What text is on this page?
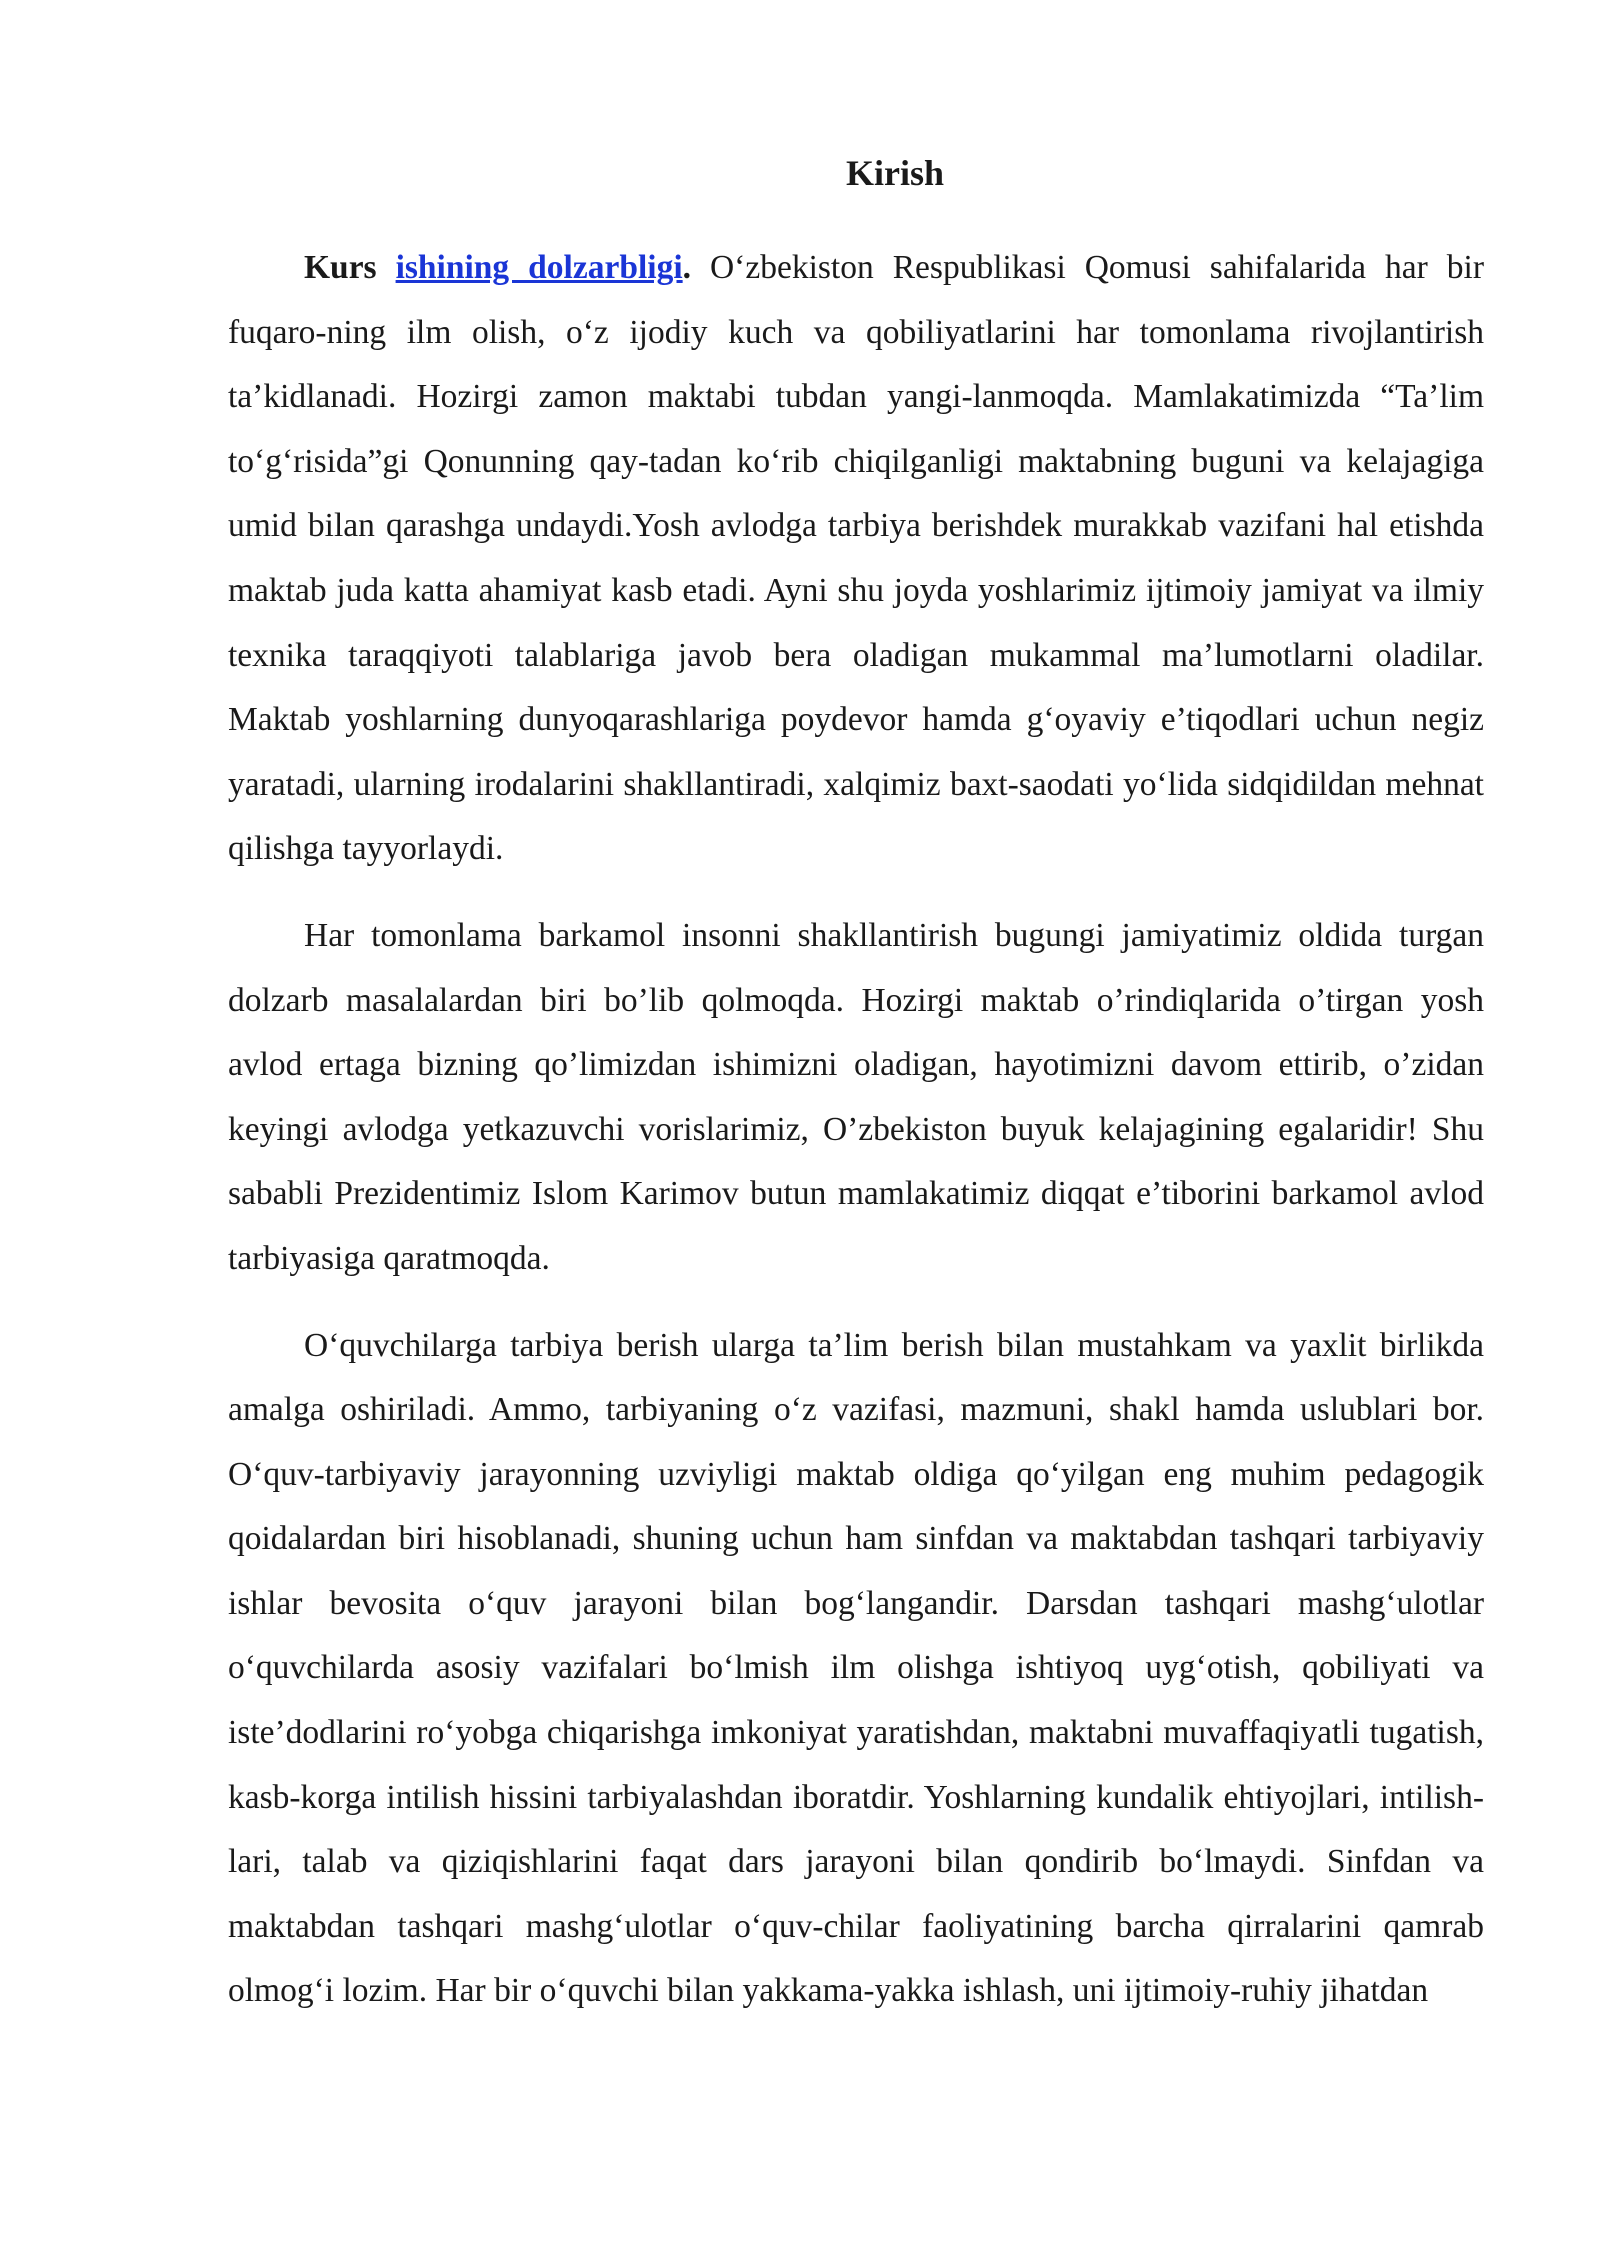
Kirish

Kurs ishining dolzarbligi. O‘zbekiston Respublikasi Qomusi sahifalarida har bir fuqaro-ning ilm olish, o‘z ijodiy kuch va qobiliyatlarini har tomonlama rivojlantirish ta’kidlanadi. Hozirgi zamon maktabi tubdan yangi-lanmoqda. Mamlakatimizda “Ta’lim to‘g‘risida”gi Qonunning qay-tadan ko‘rib chiqilganligi maktabning buguni va kelajagiga umid bilan qarashga undaydi.Yosh avlodga tarbiya berishdek murakkab vazifani hal etishda maktab juda katta ahamiyat kasb etadi. Ayni shu joyda yoshlarimiz ijtimoiy jamiyat va ilmiy texnika taraqqiyoti talablariga javob bera oladigan mukammal ma’lumotlarni oladilar. Maktab yoshlarning dunyoqarashlariga poydevor hamda g‘oyaviy e’tiqodlari uchun negiz yaratadi, ularning irodalarini shakllantiradi, xalqimiz baxt-saodati yo‘lida sidqidildan mehnat qilishga tayyorlaydi.

Har tomonlama barkamol insonni shakllantirish bugungi jamiyatimiz oldida turgan dolzarb masalalardan biri bo’lib qolmoqda. Hozirgi maktab o’rindiqlarida o’tirgan yosh avlod ertaga bizning qo’limizdan ishimizni oladigan, hayotimizni davom ettirib, o’zidan keyingi avlodga yetkazuvchi vorislarimiz, O’zbekiston buyuk kelajagining egalaridir! Shu sababli Prezidentimiz Islom Karimov butun mamlakatimiz diqqat e’tiborini barkamol avlod tarbiyasiga qaratmoqda.

O‘quvchilarga tarbiya berish ularga ta’lim berish bilan mustahkam va yaxlit birlikda amalga oshiriladi. Ammo, tarbiyaning o‘z vazifasi, mazmuni, shakl hamda uslublari bor. O‘quv-tarbiyaviy jarayonning uzviyligi maktab oldiga qo‘yilgan eng muhim pedagogik qoidalardan biri hisoblanadi, shuning uchun ham sinfdan va maktabdan tashqari tarbiyaviy ishlar bevosita o‘quv jarayoni bilan bog‘langandir. Darsdan tashqari mashg‘ulotlar o‘quvchilarda asosiy vazifalari bo‘lmish ilm olishga ishtiyoq uyg‘otish, qobiliyati va iste’dodlarini ro‘yobga chiqarishga imkoniyat yaratishdan, maktabni muvaffaqiyatli tugatish, kasb-korga intilish hissini tarbiyalashdan iboratdir. Yoshlarning kundalik ehtiyojlari, intilish-lari, talab va qiziqishlarini faqat dars jarayoni bilan qondirib bo‘lmaydi. Sinfdan va maktabdan tashqari mashg‘ulotlar o‘quv-chilar faoliyatining barcha qirralarini qamrab olmog‘i lozim. Har bir o‘quvchi bilan yakkama-yakka ishlash, uni ijtimoiy-ruhiy jihatdan
